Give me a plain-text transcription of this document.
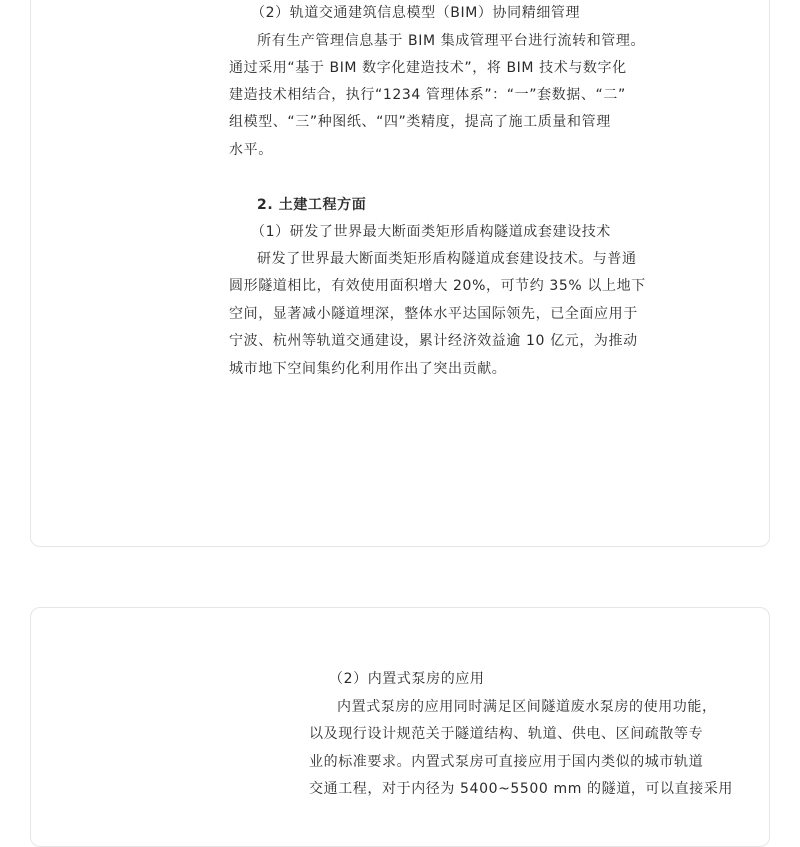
（2）轨道交通建筑信息模型（BIM）协同精细管理
所有生产管理信息基于 BIM 集成管理平台进行流转和管理。
通过采用“基于 BIM 数字化建造技术”，将 BIM 技术与数字化
建造技术相结合，执行“1234 管理体系”：“一”套数据、“二”
组模型、“三”种图纸、“四”类精度，提高了施工质量和管理
水平。
2. 土建工程方面
（1）研发了世界最大断面类矩形盾构隧道成套建设技术
研发了世界最大断面类矩形盾构隧道成套建设技术。与普通
圆形隧道相比，有效使用面积增大 20%，可节约 35% 以上地下
空间，显著减小隧道埋深，整体水平达国际领先，已全面应用于
宁波、杭州等轨道交通建设，累计经济效益逾 10 亿元，为推动
城市地下空间集约化利用作出了突出贡献。
（2）内置式泵房的应用
内置式泵房的应用同时满足区间隧道废水泵房的使用功能，
以及现行设计规范关于隧道结构、轨道、供电、区间疏散等专
业的标准要求。内置式泵房可直接应用于国内类似的城市轨道
交通工程，对于内径为 5400~5500 mm 的隧道，可以直接采用
